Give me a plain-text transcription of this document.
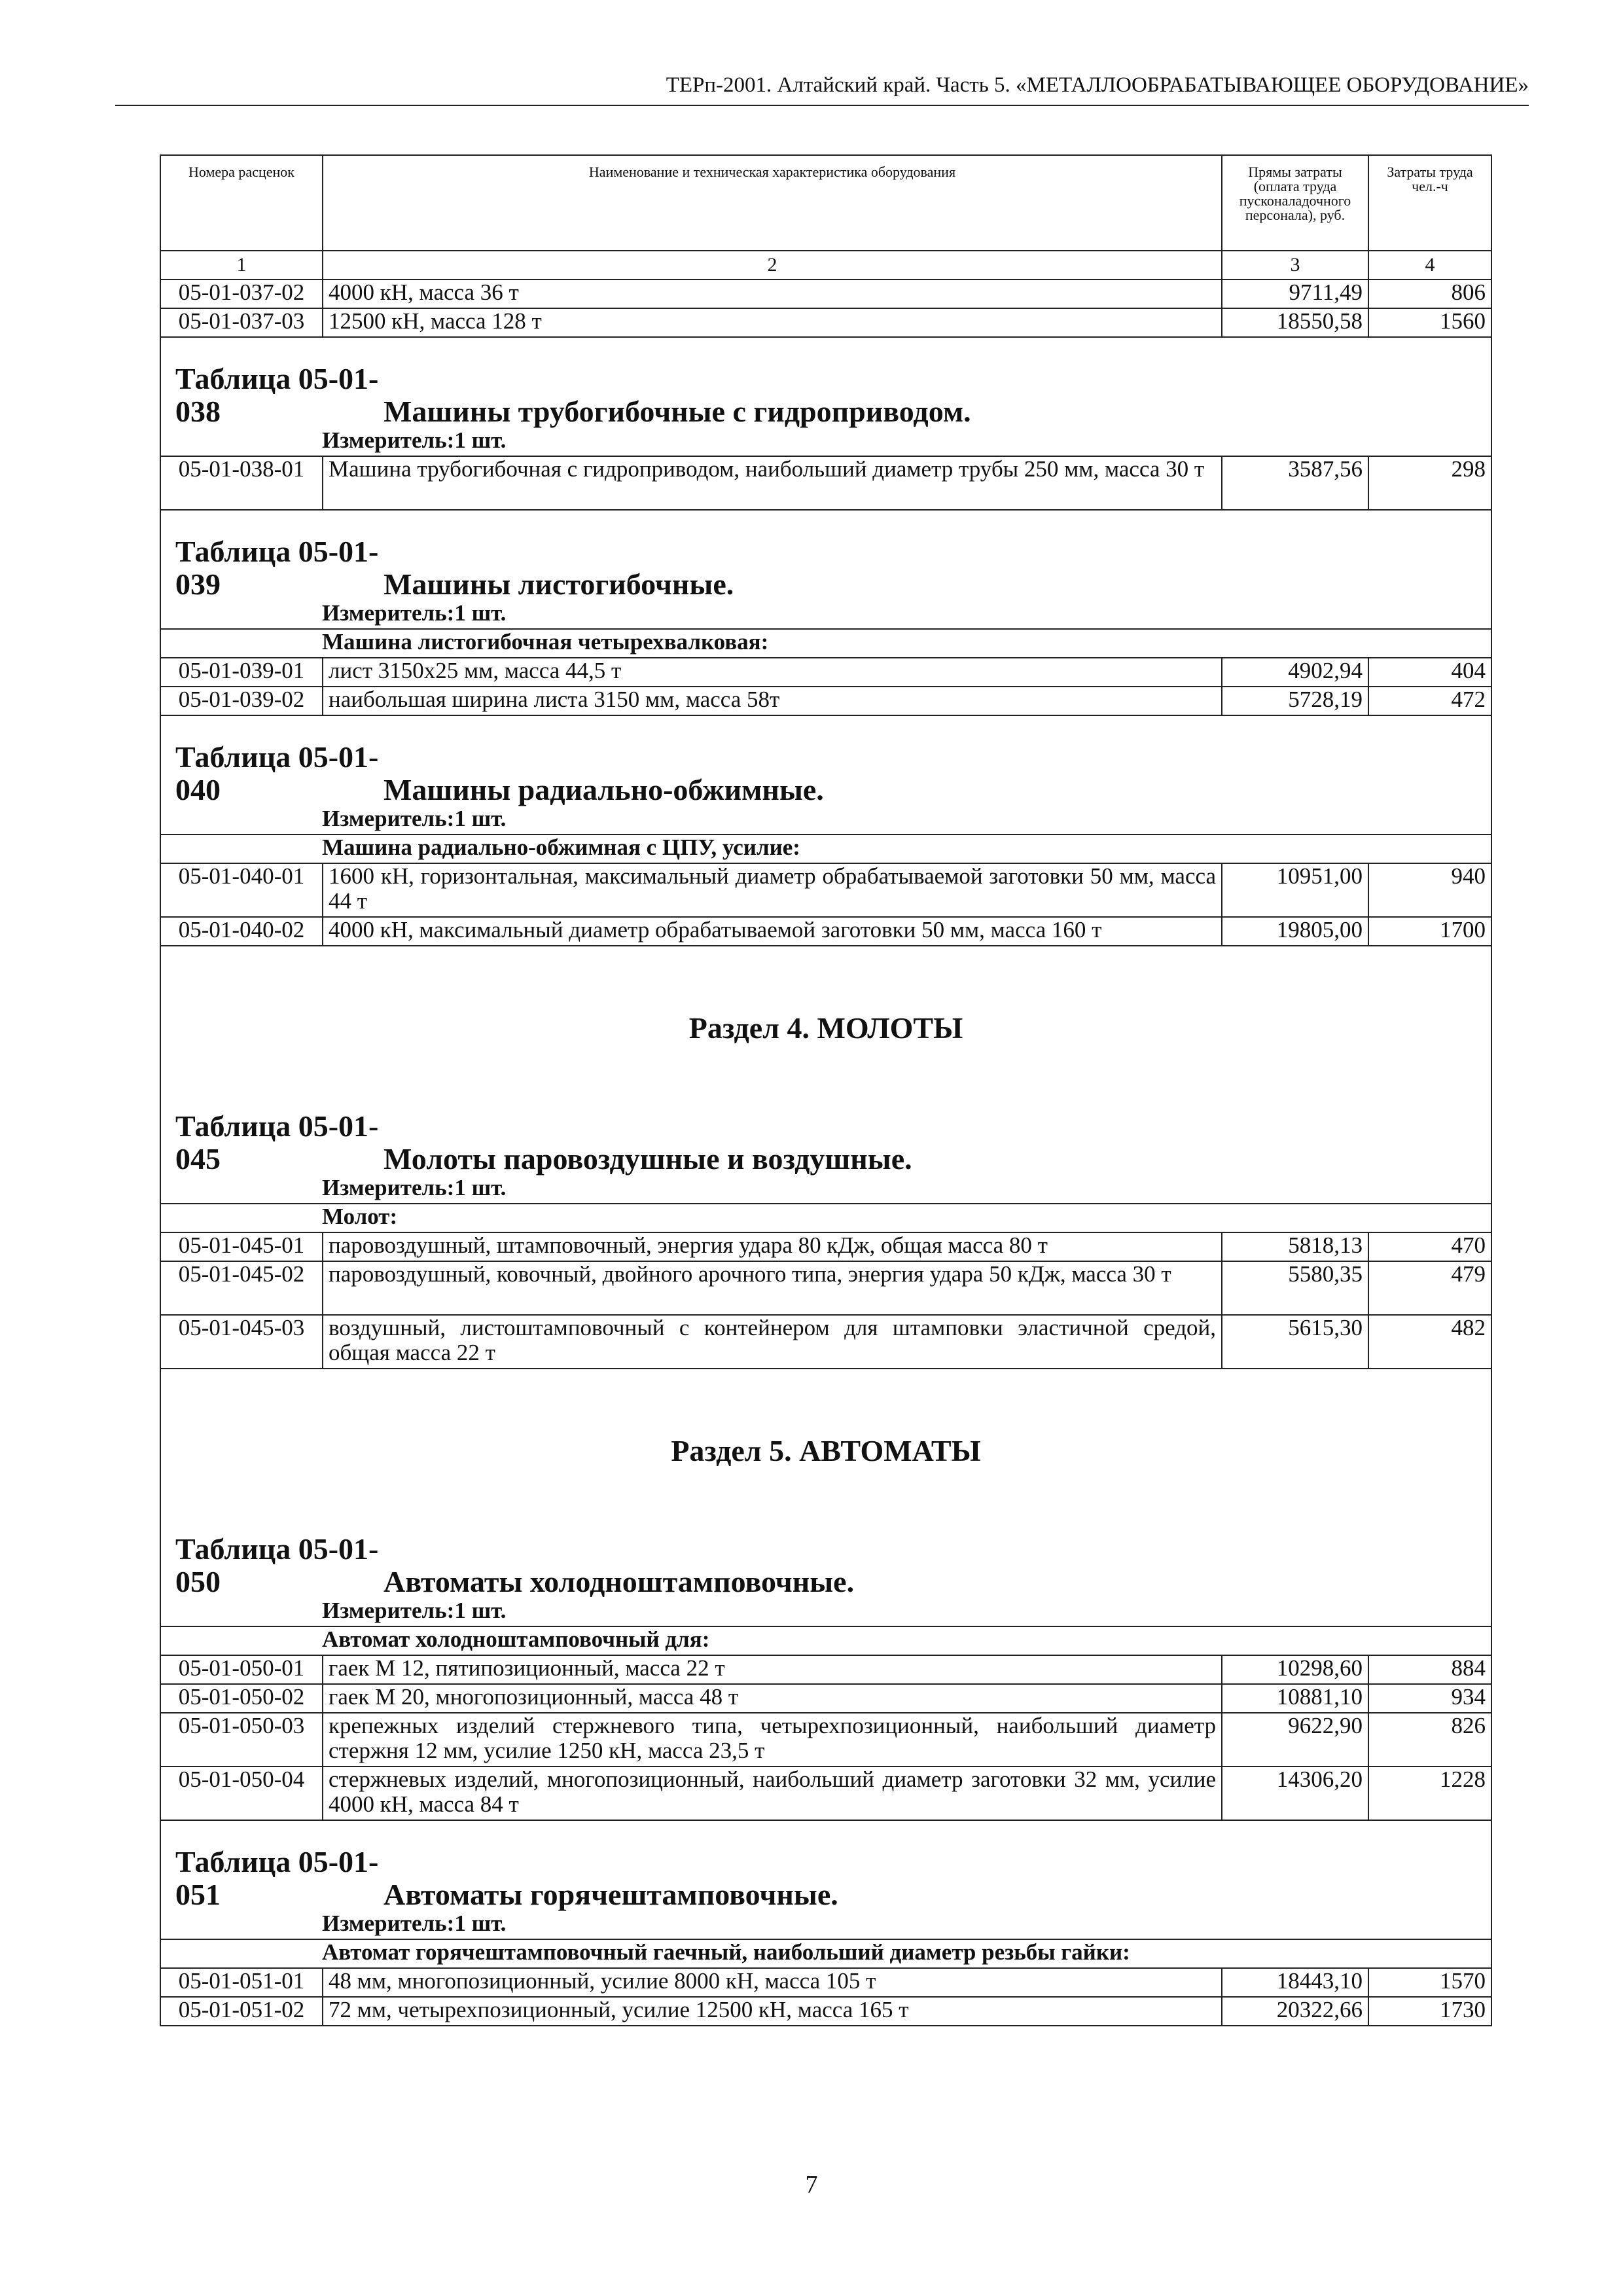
ТЕРп-2001. Алтайский край. Часть 5. «МЕТАЛЛООБРАБАТЫВАЮЩЕЕ ОБОРУДОВАНИЕ»
Номера расценок	Наименование и техническая характеристика оборудования	Прямы затраты (оплата труда пусконаладочного персонала), руб.	Затраты труда чел.-ч
1	2	3	4
05-01-037-02	4000 кН, масса 36 т	9711,49	806
05-01-037-03	12500 кН, масса 128 т	18550,58	1560
Таблица 05-01-038 Машины трубогибочные с гидроприводом.			
Измеритель:1 шт.			
05-01-038-01	Машина трубогибочная с гидроприводом, наибольший диаметр трубы 250 мм, масса 30 т	3587,56	298
Таблица 05-01-039 Машины листогибочные.			
Измеритель:1 шт.			
Машина листогибочная четырехвалковая:			
05-01-039-01	лист 3150x25 мм, масса 44,5 т	4902,94	404
05-01-039-02	наибольшая ширина листа 3150 мм, масса 58т	5728,19	472
Таблица 05-01-040 Машины радиально-обжимные.			
Измеритель:1 шт.			
Машина радиально-обжимная с ЦПУ, усилие:			
05-01-040-01	1600 кН, горизонтальная, максимальный диаметр обрабатываемой заготовки 50 мм, масса 44 т	10951,00	940
05-01-040-02	4000 кН, максимальный диаметр обрабатываемой заготовки 50 мм, масса 160 т	19805,00	1700
Раздел 4. МОЛОТЫ			
Таблица 05-01-045 Молоты паровоздушные и воздушные.			
Измеритель:1 шт.			
Молот:			
05-01-045-01	паровоздушный, штамповочный, энергия удара 80 кДж, общая масса 80 т	5818,13	470
05-01-045-02	паровоздушный, ковочный, двойного арочного типа, энергия удара 50 кДж, масса 30 т	5580,35	479
05-01-045-03	воздушный, листоштамповочный с контейнером для штамповки эластичной средой, общая масса 22 т	5615,30	482
Раздел 5. АВТОМАТЫ			
Таблица 05-01-050 Автоматы холодноштамповочные.			
Измеритель:1 шт.			
Автомат холодноштамповочный для:			
05-01-050-01	гаек М 12, пятипозиционный, масса 22 т	10298,60	884
05-01-050-02	гаек М 20, многопозиционный, масса 48 т	10881,10	934
05-01-050-03	крепежных изделий стержневого типа, четырехпозиционный, наибольший диаметр стержня 12 мм, усилие 1250 кН, масса 23,5 т	9622,90	826
05-01-050-04	стержневых изделий, многопозиционный, наибольший диаметр заготовки 32 мм, усилие 4000 кН, масса 84 т	14306,20	1228
Таблица 05-01-051 Автоматы горячештамповочные.			
Измеритель:1 шт.			
Автомат горячештамповочный гаечный, наибольший диаметр резьбы гайки:			
05-01-051-01	48 мм, многопозиционный, усилие 8000 кН, масса 105 т	18443,10	1570
05-01-051-02	72 мм, четырехпозиционный, усилие 12500 кН, масса 165 т	20322,66	1730
7
